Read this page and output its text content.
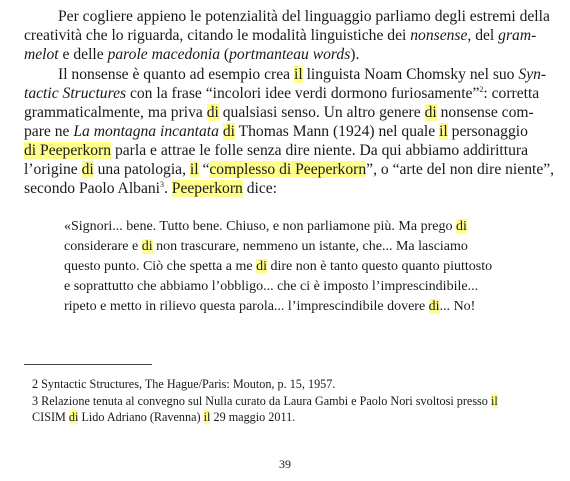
Per cogliere appieno le potenzialità del linguaggio parliamo degli estremi della
creatività che lo riguarda, citando le modalità linguistiche dei nonsense, del gram-
melot e delle parole macedonia (portmanteau words).
Il nonsense è quanto ad esempio crea il linguista Noam Chomsky nel suo Syn-
tactic Structures con la frase “incolori idee verdi dormono furiosamente”$^2$: corretta
grammaticalmente, ma priva di qualsiasi senso. Un altro genere di nonsense com-
pare ne La montagna incantata di Thomas Mann (1924) nel quale il personaggio
di Peeperkorn parla e attrae le folle senza dire niente. Da qui abbiamo addirittura
l’origine di una patologia, il “complesso di Peeperkorn”, o “arte del non dire niente”,
secondo Paolo Albani$^3$. Peeperkorn dice:
«Signori... bene. Tutto bene. Chiuso, e non parliamone più. Ma prego di
considerare e di non trascurare, nemmeno un istante, che... Ma lasciamo
questo punto. Ciò che spetta a me di dire non è tanto questo quanto piuttosto
e soprattutto che abbiamo l’obbligo... che ci è imposto l’imprescindibile...
ripeto e metto in rilievo questa parola... l’imprescindibile dovere di... No!
2 Syntactic Structures, The Hague/Paris: Mouton, p. 15, 1957.
3 Relazione tenuta al convegno sul Nulla curato da Laura Gambi e Paolo Nori svoltosi presso il
CISIM di Lido Adriano (Ravenna) il 29 maggio 2011.
39
